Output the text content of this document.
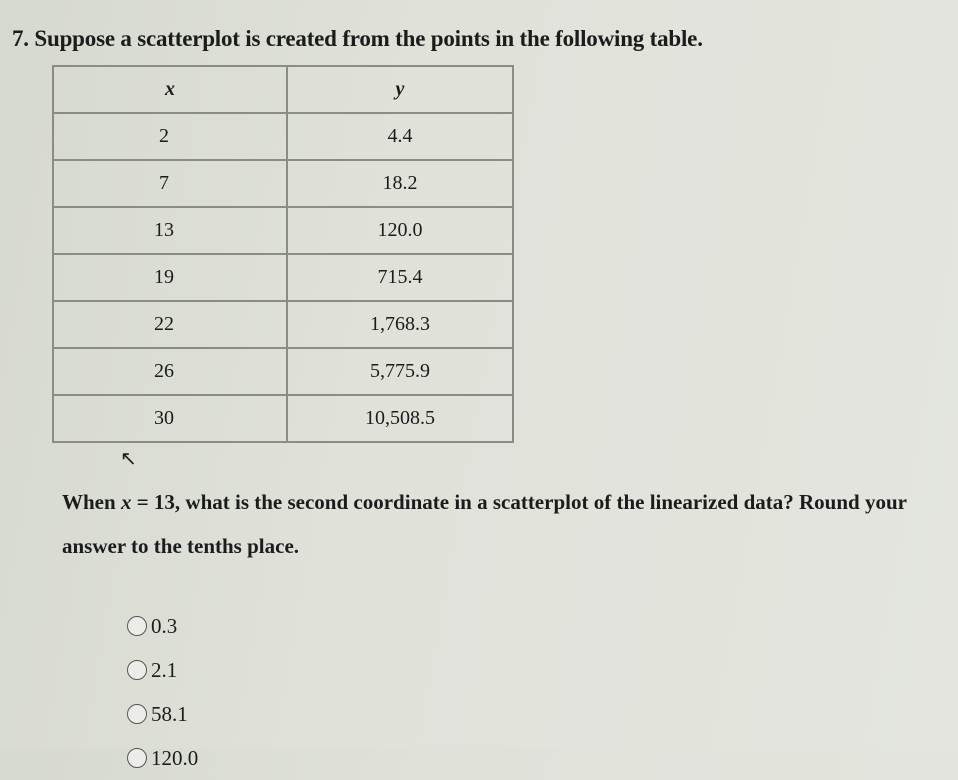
7. Suppose a scatterplot is created from the points in the following table.
x	y
2	4.4
7	18.2
13	120.0
19	715.4
22	1,768.3
26	5,775.9
30	10,508.5
↖
When x = 13, what is the second coordinate in a scatterplot of the linearized data? Round your answer to the tenths place.
0.3
2.1
58.1
120.0
